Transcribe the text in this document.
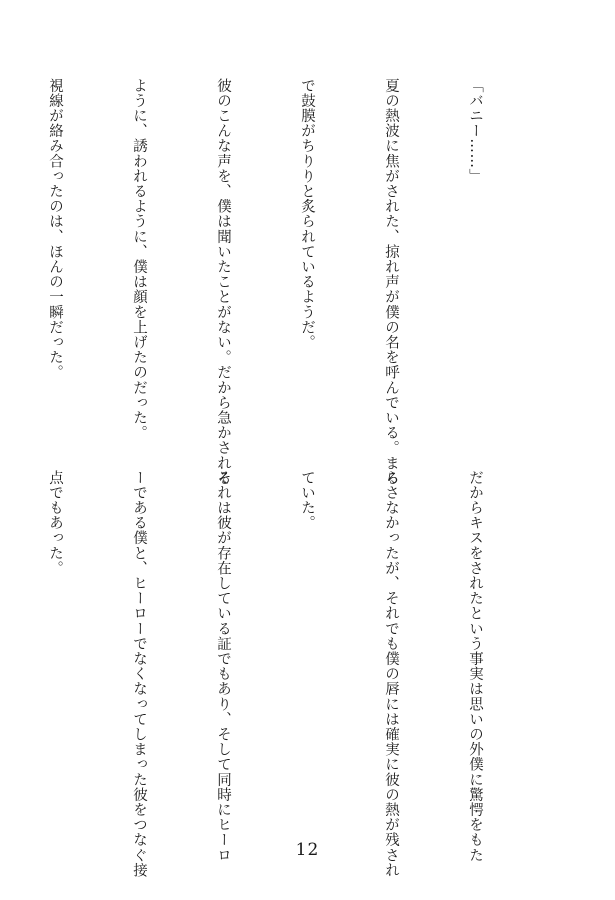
「バニー……」

夏の熱波に焦がされた、掠れ声が僕の名を呼んでいる。まる

で鼓膜がちりりと炙られているようだ。

彼のこんな声を、僕は聞いたことがない。だから急かされる

ように、誘われるように、僕は顔を上げたのだった。

視線が絡み合ったのは、ほんの一瞬だった。

だからキスをされたという事実は思いの外僕に驚愕をもた

らさなかったが、それでも僕の唇には確実に彼の熱が残され

ていた。

それは彼が存在している証でもあり、そして同時にヒーロ

ーである僕と、ヒーローでなくなってしまった彼をつなぐ接

点でもあった。

12
